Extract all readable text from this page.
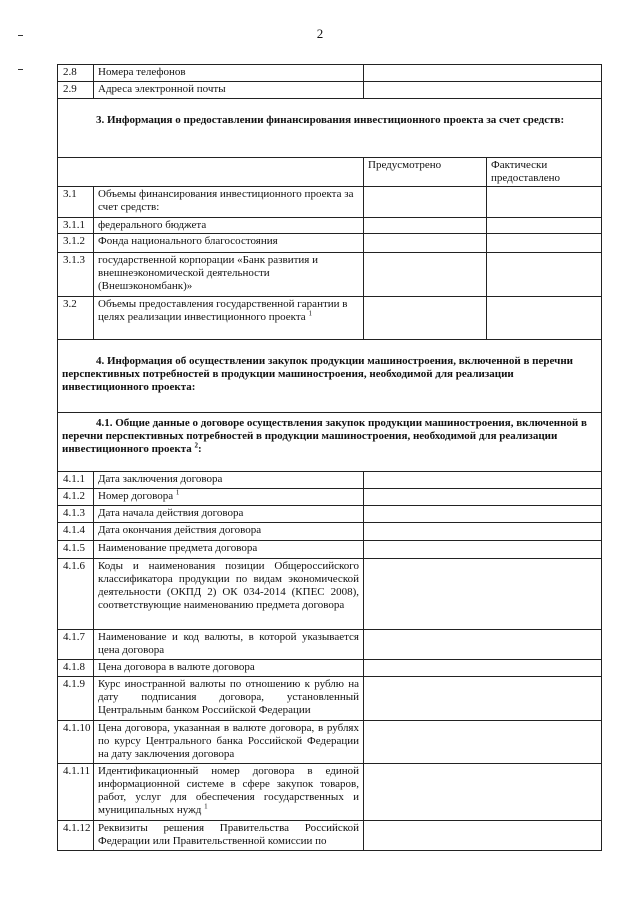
2
2.8	Номера телефонов		
2.9	Адреса электронной почты		

3. Информация о предоставлении финансирования инвестиционного проекта за счет средств:			

		Предусмотрено	Фактически предоставлено
3.1	Объемы финансирования инвестиционного проекта за счет средств:		
3.1.1	федерального бюджета		
3.1.2	Фонда национального благосостояния		
3.1.3	государственной корпорации «Банк развития и внешнеэкономической деятельности (Внешэкономбанк)»		
3.2	Объемы предоставления государственной гарантии в целях реализации инвестиционного проекта $^1$		

4. Информация об осуществлении закупок продукции машиностроения, включенной в перечни перспективных потребностей в продукции машиностроения, необходимой для реализации инвестиционного проекта:			

4.1. Общие данные о договоре осуществления закупок продукции машиностроения, включенной в перечни перспективных потребностей в продукции машиностроения, необходимой для реализации инвестиционного проекта $^2$:			

4.1.1	Дата заключения договора		
4.1.2	Номер договора $^1$	
4.1.3	Дата начала действия договора		
4.1.4	Дата окончания действия договора		
4.1.5	Наименование предмета договора		
4.1.6	Коды и наименования позиции Общероссийского классификатора продукции по видам экономической деятельности (ОКПД 2) ОК 034-2014 (КПЕС 2008), соответствующие наименованию предмета договора		
4.1.7	Наименование и код валюты, в которой указывается цена договора		
4.1.8	Цена договора в валюте договора		
4.1.9	Курс иностранной валюты по отношению к рублю на дату подписания договора, установленный Центральным банком Российской Федерации		
4.1.10	Цена договора, указанная в валюте договора, в рублях по курсу Центрального банка Российской Федерации на дату заключения договора		
4.1.11	Идентификационный номер договора в единой информационной системе в сфере закупок товаров, работ, услуг для обеспечения государственных и муниципальных нужд $^1$	
4.1.12	Реквизиты решения Правительства Российской Федерации или Правительственной комиссии по		
